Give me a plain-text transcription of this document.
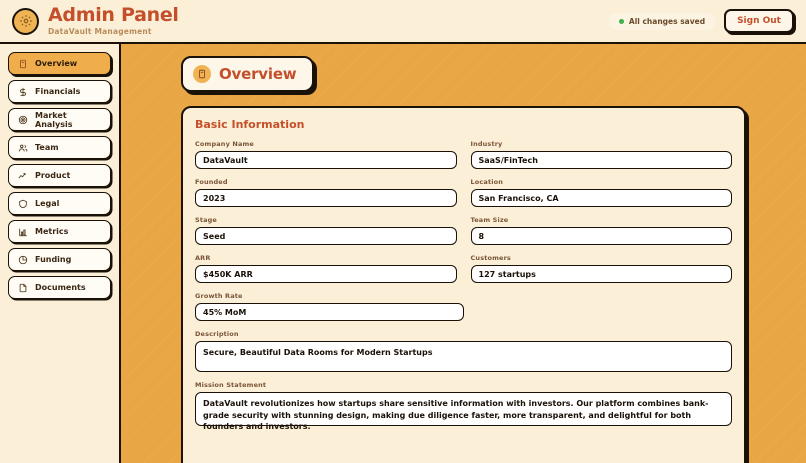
Admin Panel
DataVault Management
All changes saved	Sign Out
Overview
Financials
Market Analysis
Team
Product
Legal
Metrics
Funding
Documents
Overview
Basic Information
Company Name
DataVault
Industry
SaaS/FinTech
Founded
2023
Location
San Francisco, CA
Stage
Seed
Team Size
8
ARR
$450K ARR
Customers
127 startups
Growth Rate
45% MoM
Description
Secure, Beautiful Data Rooms for Modern Startups
Mission Statement
DataVault revolutionizes how startups share sensitive information with investors. Our platform combines bank-grade security with stunning design, making due diligence faster, more transparent, and delightful for both founders and investors.
